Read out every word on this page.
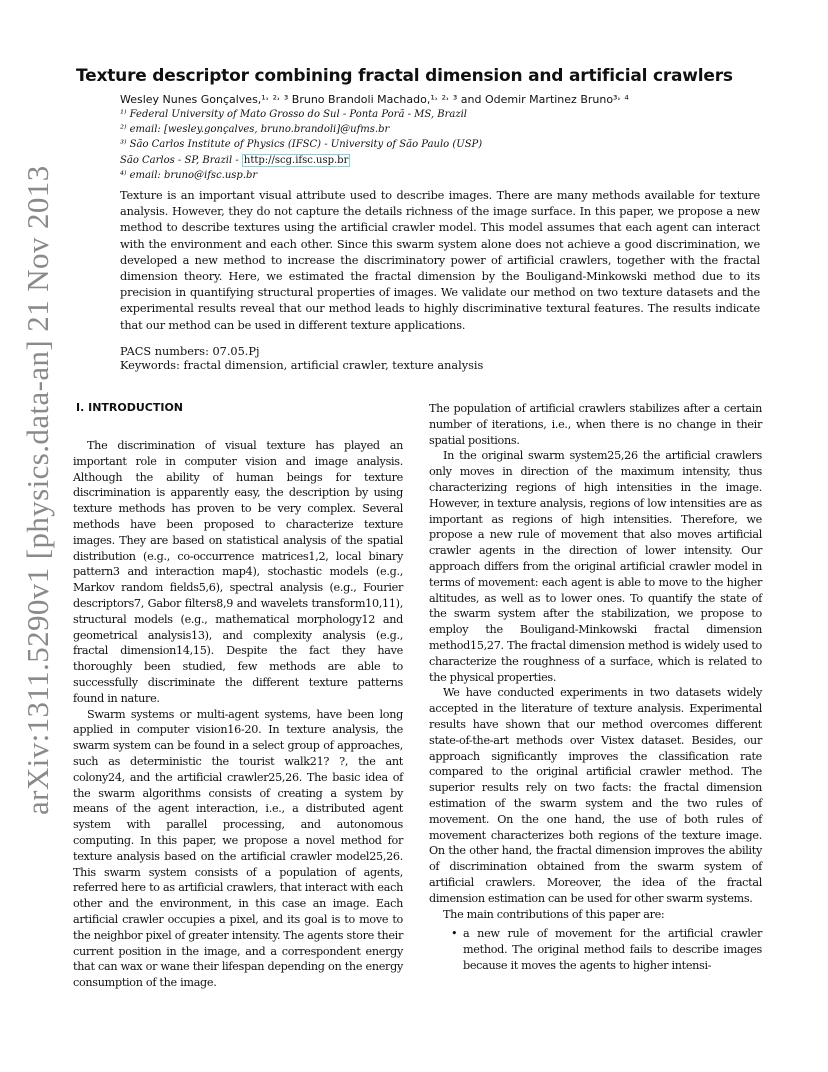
arXiv:1311.5290v1 [physics.data-an] 21 Nov 2013
Texture descriptor combining fractal dimension and artificial crawlers
Wesley Nunes Gonçalves,¹˒ ²˒ ³ Bruno Brandoli Machado,¹˒ ²˒ ³ and Odemir Martinez Bruno³˒ ⁴
¹⁾ Federal University of Mato Grosso do Sul - Ponta Porã - MS, Brazil
²⁾ email: [wesley.gonçalves, bruno.brandoli]@ufms.br
³⁾ São Carlos Institute of Physics (IFSC) - University of São Paulo (USP)
São Carlos - SP, Brazil - http://scg.ifsc.usp.br
⁴⁾ email: bruno@ifsc.usp.br
Texture is an important visual attribute used to describe images. There are many methods available for texture analysis. However, they do not capture the details richness of the image surface. In this paper, we propose a new method to describe textures using the artificial crawler model. This model assumes that each agent can interact with the environment and each other. Since this swarm system alone does not achieve a good discrimination, we developed a new method to increase the discriminatory power of artificial crawlers, together with the fractal dimension theory. Here, we estimated the fractal dimension by the Bouligand-Minkowski method due to its precision in quantifying structural properties of images. We validate our method on two texture datasets and the experimental results reveal that our method leads to highly discriminative textural features. The results indicate that our method can be used in different texture applications.
PACS numbers: 07.05.Pj
Keywords: fractal dimension, artificial crawler, texture analysis
I. INTRODUCTION

The discrimination of visual texture has played an important role in computer vision and image analysis. Although the ability of human beings for texture discrimination is apparently easy, the description by using texture methods has proven to be very complex. Several methods have been proposed to characterize texture images. They are based on statistical analysis of the spatial distribution (e.g., co-occurrence matrices1,2, local binary pattern3 and interaction map4), stochastic models (e.g., Markov random fields5,6), spectral analysis (e.g., Fourier descriptors7, Gabor filters8,9 and wavelets transform10,11), structural models (e.g., mathematical morphology12 and geometrical analysis13), and complexity analysis (e.g., fractal dimension14,15). Despite the fact they have thoroughly been studied, few methods are able to successfully discriminate the different texture patterns found in nature.

Swarm systems or multi-agent systems, have been long applied in computer vision16-20. In texture analysis, the swarm system can be found in a select group of approaches, such as deterministic the tourist walk21? ?, the ant colony24, and the artificial crawler25,26. The basic idea of the swarm algorithms consists of creating a system by means of the agent interaction, i.e., a distributed agent system with parallel processing, and autonomous computing. In this paper, we propose a novel method for texture analysis based on the artificial crawler model25,26. This swarm system consists of a population of agents, referred here to as artificial crawlers, that interact with each other and the environment, in this case an image. Each artificial crawler occupies a pixel, and its goal is to move to the neighbor pixel of greater intensity. The agents store their current position in the image, and a correspondent energy that can wax or wane their lifespan depending on the energy consumption of the image.

The population of artificial crawlers stabilizes after a certain number of iterations, i.e., when there is no change in their spatial positions.

In the original swarm system25,26 the artificial crawlers only moves in direction of the maximum intensity, thus characterizing regions of high intensities in the image. However, in texture analysis, regions of low intensities are as important as regions of high intensities. Therefore, we propose a new rule of movement that also moves artificial crawler agents in the direction of lower intensity. Our approach differs from the original artificial crawler model in terms of movement: each agent is able to move to the higher altitudes, as well as to lower ones. To quantify the state of the swarm system after the stabilization, we propose to employ the Bouligand-Minkowski fractal dimension method15,27. The fractal dimension method is widely used to characterize the roughness of a surface, which is related to the physical properties.

We have conducted experiments in two datasets widely accepted in the literature of texture analysis. Experimental results have shown that our method overcomes different state-of-the-art methods over Vistex dataset. Besides, our approach significantly improves the classification rate compared to the original artificial crawler method. The superior results rely on two facts: the fractal dimension estimation of the swarm system and the two rules of movement. On the one hand, the use of both rules of movement characterizes both regions of the texture image. On the other hand, the fractal dimension improves the ability of discrimination obtained from the swarm system of artificial crawlers. Moreover, the idea of the fractal dimension estimation can be used for other swarm systems.

The main contributions of this paper are:

• a new rule of movement for the artificial crawler method. The original method fails to describe images because it moves the agents to higher intensi-
